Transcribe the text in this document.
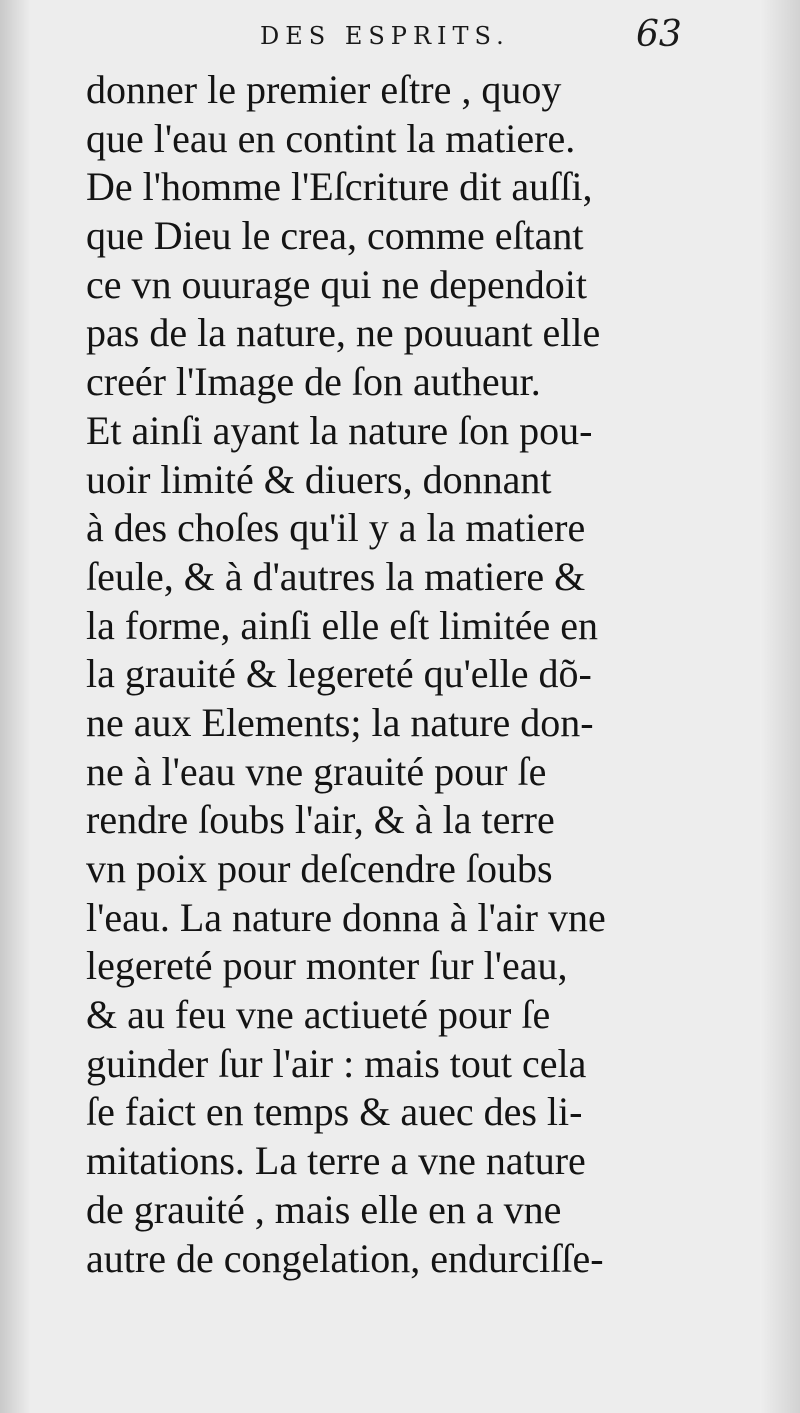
DES ESPRITS.	63
donner le premier eſtre , quoy
que l'eau en contint la matiere.
De l'homme l'Eſcriture dit auſſi,
que Dieu le crea, comme eſtant
ce vn ouurage qui ne dependoit
pas de la nature, ne pouuant elle
creér l'Image de ſon autheur.
Et ainſi ayant la nature ſon pou-
uoir limité & diuers, donnant
à des choſes qu'il y a la matiere
ſeule, & à d'autres la matiere &
la forme, ainſi elle eſt limitée en
la grauité & legereté qu'elle dõ-
ne aux Elements; la nature don-
ne à l'eau vne grauité pour ſe
rendre ſoubs l'air, & à la terre
vn poix pour deſcendre ſoubs
l'eau. La nature donna à l'air vne
legereté pour monter ſur l'eau,
& au feu vne actiueté pour ſe
guinder ſur l'air : mais tout cela
ſe faict en temps & auec des li-
mitations. La terre a vne nature
de grauité , mais elle en a vne
autre de congelation, endurciſſe-
